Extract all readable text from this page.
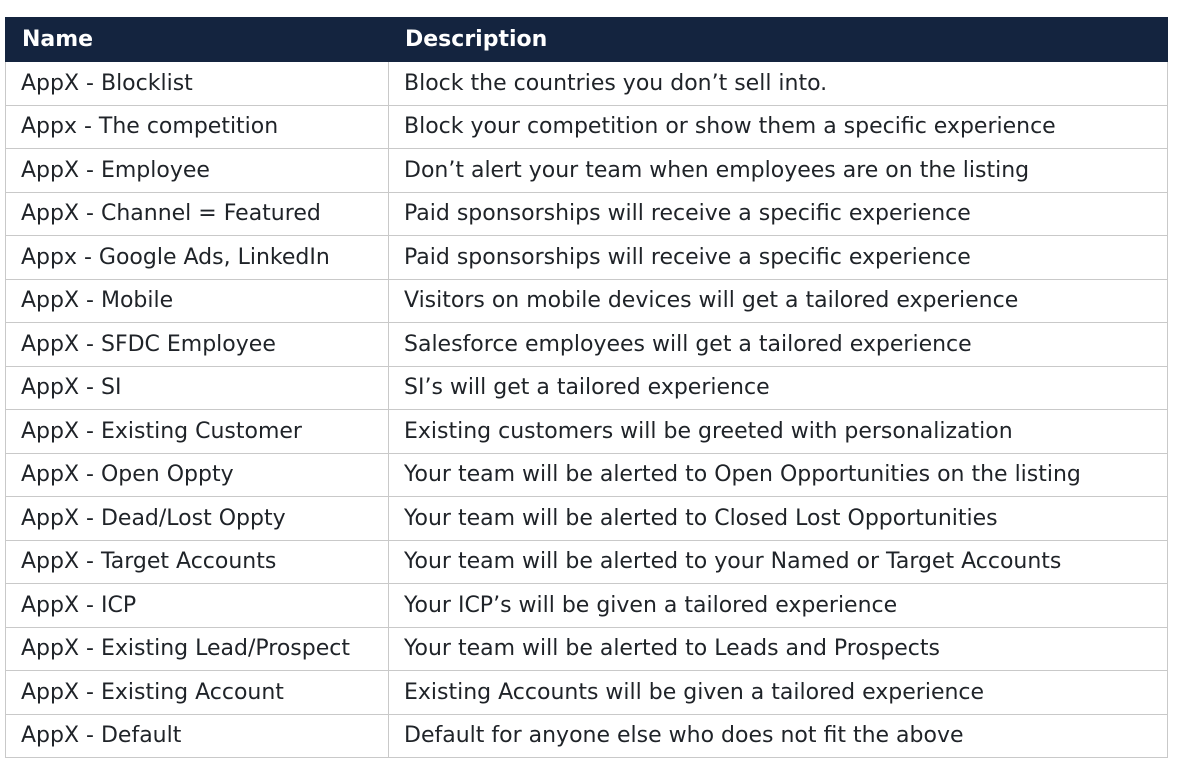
Name	Description
AppX - Blocklist	Block the countries you don’t sell into.
Appx - The competition	Block your competition or show them a specific experience
AppX - Employee	Don’t alert your team when employees are on the listing
AppX - Channel = Featured	Paid sponsorships will receive a specific experience
Appx - Google Ads, LinkedIn	Paid sponsorships will receive a specific experience
AppX - Mobile	Visitors on mobile devices will get a tailored experience
AppX - SFDC Employee	Salesforce employees will get a tailored experience
AppX - SI	SI’s will get a tailored experience
AppX - Existing Customer	Existing customers will be greeted with personalization
AppX - Open Oppty	Your team will be alerted to Open Opportunities on the listing
AppX - Dead/Lost Oppty	Your team will be alerted to Closed Lost Opportunities
AppX - Target Accounts	Your team will be alerted to your Named or Target Accounts
AppX - ICP	Your ICP’s will be given a tailored experience
AppX - Existing Lead/Prospect	Your team will be alerted to Leads and Prospects
AppX - Existing Account	Existing Accounts will be given a tailored experience
AppX - Default	Default for anyone else who does not fit the above
